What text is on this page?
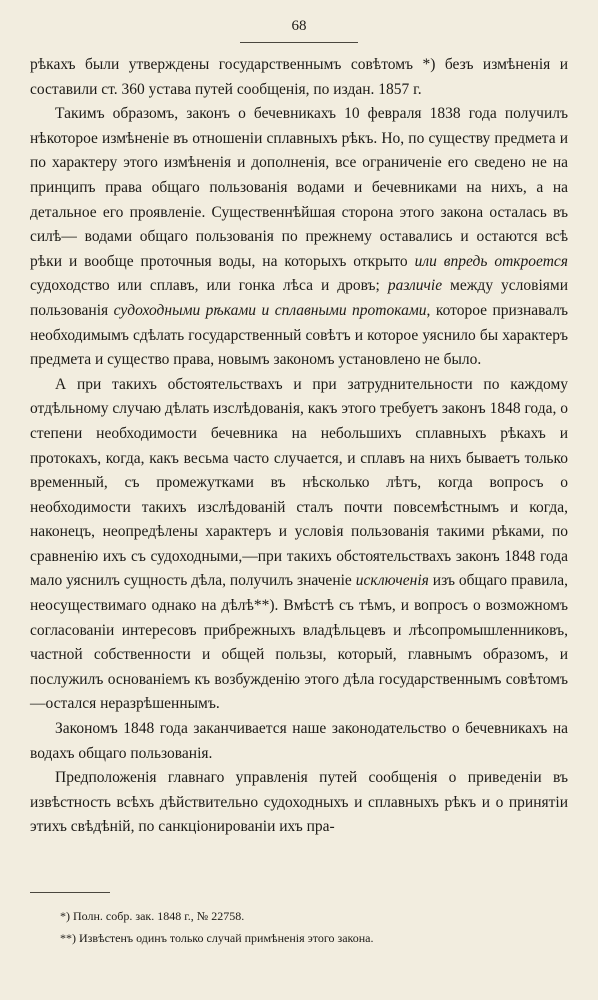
68

рѣкахъ были утверждены государственнымъ совѣтомъ *) безъ измѣненія и составили ст. 360 устава путей сообщенія, по издан. 1857 г.

Такимъ образомъ, законъ о бечевникахъ 10 февраля 1838 года получилъ нѣкоторое измѣненіе въ отношеніи сплавныхъ рѣкъ. Но, по существу предмета и по характеру этого измѣненія и дополненія, все ограниченіе его сведено не на принципъ права общаго пользованія водами и бечевниками на нихъ, а на детальное его проявленіе. Существеннѣйшая сторона этого закона осталась въ силѣ— водами общаго пользованія по прежнему оставались и остаются всѣ рѣки и вообще проточныя воды, на которыхъ открыто или впредь откроется судоходство или сплавъ, или гонка лѣса и дровъ; различіе между условіями пользованія судоходными рѣками и сплавными протоками, которое признавалъ необходимымъ сдѣлать государственный совѣтъ и которое уяснило бы характеръ предмета и существо права, новымъ закономъ установлено не было.

А при такихъ обстоятельствахъ и при затруднительности по каждому отдѣльному случаю дѣлать изслѣдованія, какъ этого требуетъ законъ 1848 года, о степени необходимости бечевника на небольшихъ сплавныхъ рѣкахъ и протокахъ, когда, какъ весьма часто случается, и сплавъ на нихъ бываетъ только временный, съ промежутками въ нѣсколько лѣтъ, когда вопросъ о необходимости такихъ изслѣдованій сталъ почти повсемѣстнымъ и когда, наконецъ, неопредѣлены характеръ и условія пользованія такими рѣками, по сравненію ихъ съ судоходными,—при такихъ обстоятельствахъ законъ 1848 года мало уяснилъ сущность дѣла, получилъ значеніе исключенія изъ общаго правила, неосуществимаго однако на дѣлѣ**). Вмѣстѣ съ тѣмъ, и вопросъ о возможномъ согласованіи интересовъ прибрежныхъ владѣльцевъ и лѣсопромышленниковъ, частной собственности и общей пользы, который, главнымъ образомъ, и послужилъ основаніемъ къ возбужденію этого дѣла государственнымъ совѣтомъ—остался неразрѣшеннымъ.

Закономъ 1848 года заканчивается наше законодательство о бечевникахъ на водахъ общаго пользованія.

Предположенія главнаго управленія путей сообщенія о приведеніи въ извѣстность всѣхъ дѣйствительно судоходныхъ и сплавныхъ рѣкъ и о принятіи этихъ свѣдѣній, по санкціонированіи ихъ пра-

*) Полн. собр. зак. 1848 г., № 22758.
**) Извѣстенъ одинъ только случай примѣненія этого закона.
